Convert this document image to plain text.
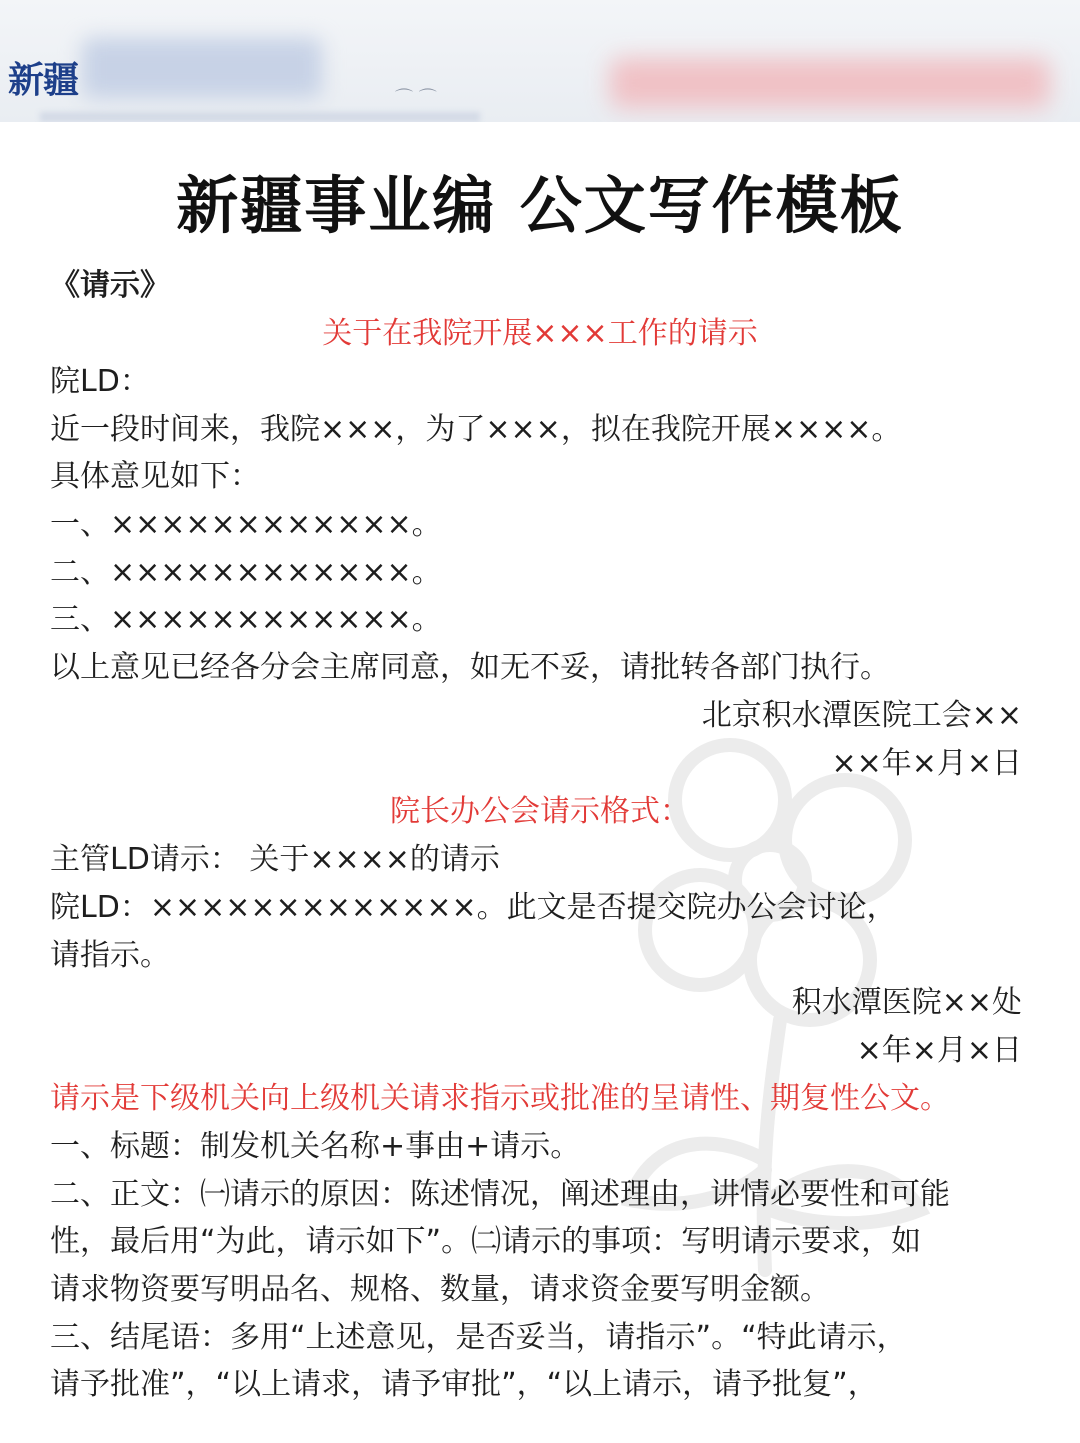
新疆	⌒ ⌒
新疆事业编 公文写作模板
《请示》
关于在我院开展×××工作的请示
院LD：
近一段时间来，我院×××，为了×××，拟在我院开展××××。
具体意见如下：
一、××××××××××××。
二、××××××××××××。
三、××××××××××××。
以上意见已经各分会主席同意，如无不妥，请批转各部门执行。
北京积水潭医院工会××
××年×月×日
院长办公会请示格式：
主管LD请示： 关于××××的请示
院LD：×××××××××××××。此文是否提交院办公会讨论，
请指示。
积水潭医院××处
×年×月×日
请示是下级机关向上级机关请求指示或批准的呈请性、期复性公文。
一、标题：制发机关名称+事由+请示。
二、正文：㈠请示的原因：陈述情况，阐述理由，讲情必要性和可能
性，最后用“为此，请示如下”。㈡请示的事项：写明请示要求，如
请求物资要写明品名、规格、数量，请求资金要写明金额。
三、结尾语：多用“上述意见，是否妥当，请指示”。“特此请示，
请予批准”，“以上请求，请予审批”，“以上请示，请予批复”，
